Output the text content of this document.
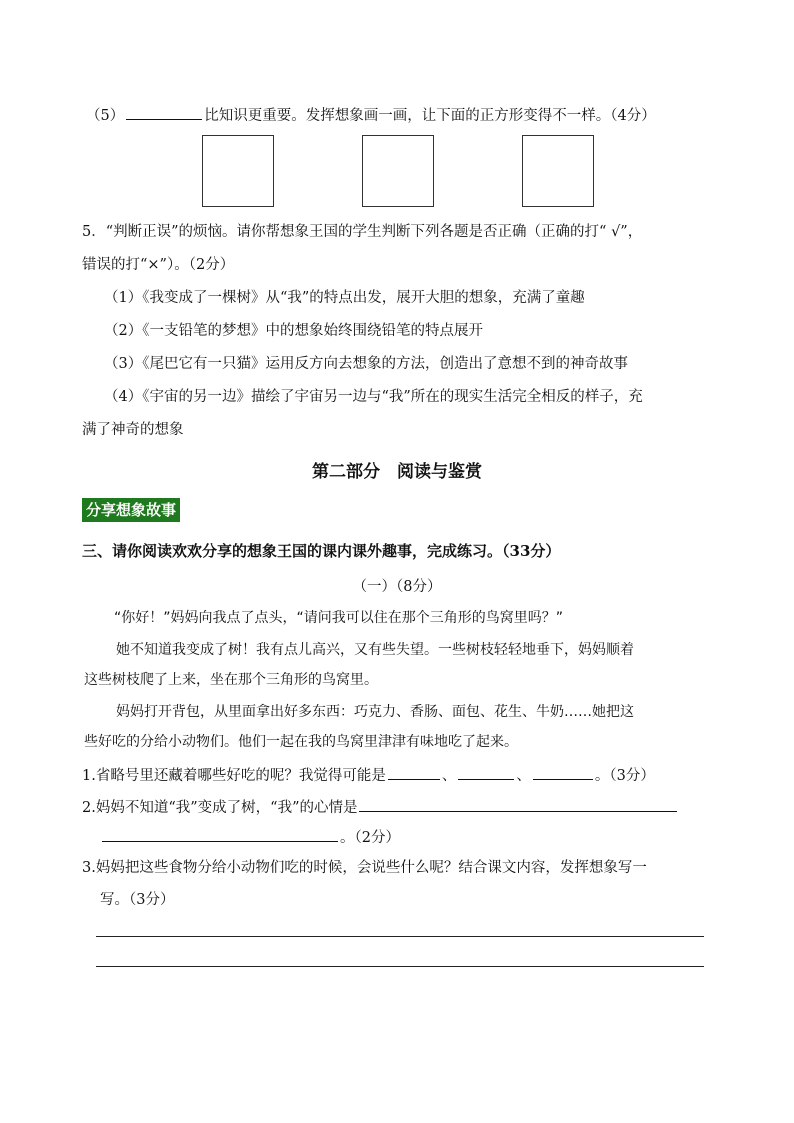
（5）	比知识更重要。发挥想象画一画，让下面的正方形变得不一样。（4分）
5．“判断正误”的烦恼。请你帮想象王国的学生判断下列各题是否正确（正确的打“ √”，
错误的打“×”）。（2分）
（1）《我变成了一棵树》从“我”的特点出发，展开大胆的想象，充满了童趣
（2）《一支铅笔的梦想》中的想象始终围绕铅笔的特点展开
（3）《尾巴它有一只猫》运用反方向去想象的方法，创造出了意想不到的神奇故事
（4）《宇宙的另一边》描绘了宇宙另一边与“我”所在的现实生活完全相反的样子，充
满了神奇的想象
第二部分　阅读与鉴赏
分享想象故事
三、请你阅读欢欢分享的想象王国的课内课外趣事，完成练习。（33分）
（一）（8分）
“你好！”妈妈向我点了点头，“请问我可以住在那个三角形的鸟窝里吗？”
她不知道我变成了树！我有点儿高兴，又有些失望。一些树枝轻轻地垂下，妈妈顺着
这些树枝爬了上来，坐在那个三角形的鸟窝里。
妈妈打开背包，从里面拿出好多东西：巧克力、香肠、面包、花生、牛奶……她把这
些好吃的分给小动物们。他们一起在我的鸟窝里津津有味地吃了起来。
1.省略号里还藏着哪些好吃的呢？我觉得可能是	、	、	。（3分）
2.妈妈不知道“我”变成了树，“我”的心情是
。（2分）
3.妈妈把这些食物分给小动物们吃的时候，会说些什么呢？结合课文内容，发挥想象写一
写。（3分）
